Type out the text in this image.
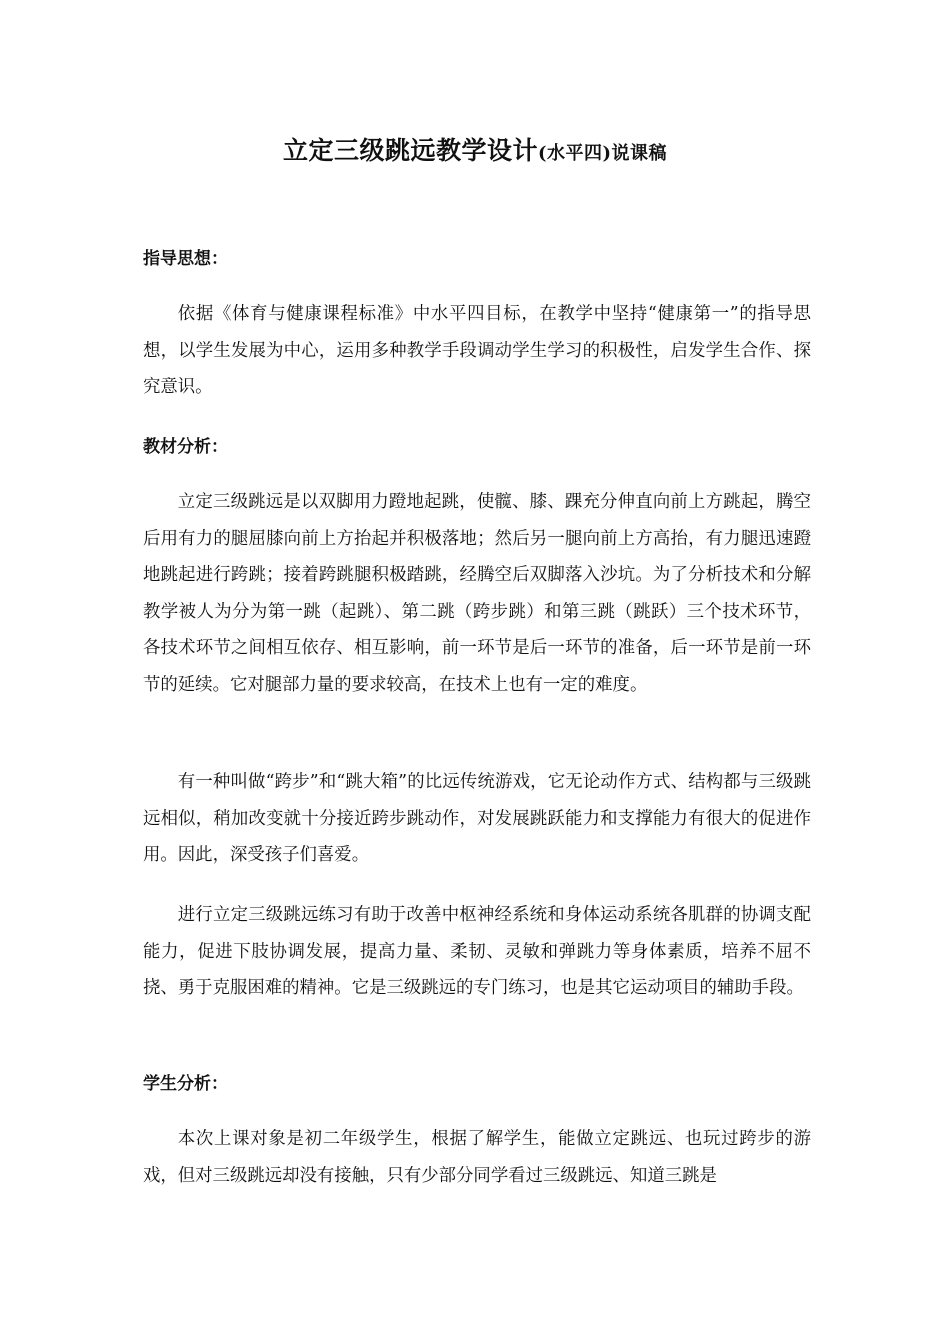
立定三级跳远教学设计(水平四)说课稿
指导思想：

依据《体育与健康课程标准》中水平四目标，在教学中坚持“健康第一”的指导思想，以学生发展为中心，运用多种教学手段调动学生学习的积极性，启发学生合作、探究意识。

教材分析：

立定三级跳远是以双脚用力蹬地起跳，使髋、膝、踝充分伸直向前上方跳起，腾空后用有力的腿屈膝向前上方抬起并积极落地；然后另一腿向前上方高抬，有力腿迅速蹬地跳起进行跨跳；接着跨跳腿积极踏跳，经腾空后双脚落入沙坑。为了分析技术和分解教学被人为分为第一跳（起跳）、第二跳（跨步跳）和第三跳（跳跃）三个技术环节，各技术环节之间相互依存、相互影响，前一环节是后一环节的准备，后一环节是前一环节的延续。它对腿部力量的要求较高，在技术上也有一定的难度。

有一种叫做“跨步”和“跳大箱”的比远传统游戏，它无论动作方式、结构都与三级跳远相似，稍加改变就十分接近跨步跳动作，对发展跳跃能力和支撑能力有很大的促进作用。因此，深受孩子们喜爱。

进行立定三级跳远练习有助于改善中枢神经系统和身体运动系统各肌群的协调支配能力，促进下肢协调发展，提高力量、柔韧、灵敏和弹跳力等身体素质，培养不屈不挠、勇于克服困难的精神。它是三级跳远的专门练习，也是其它运动项目的辅助手段。

学生分析：

本次上课对象是初二年级学生，根据了解学生，能做立定跳远、也玩过跨步的游戏，但对三级跳远却没有接触，只有少部分同学看过三级跳远、知道三跳是
